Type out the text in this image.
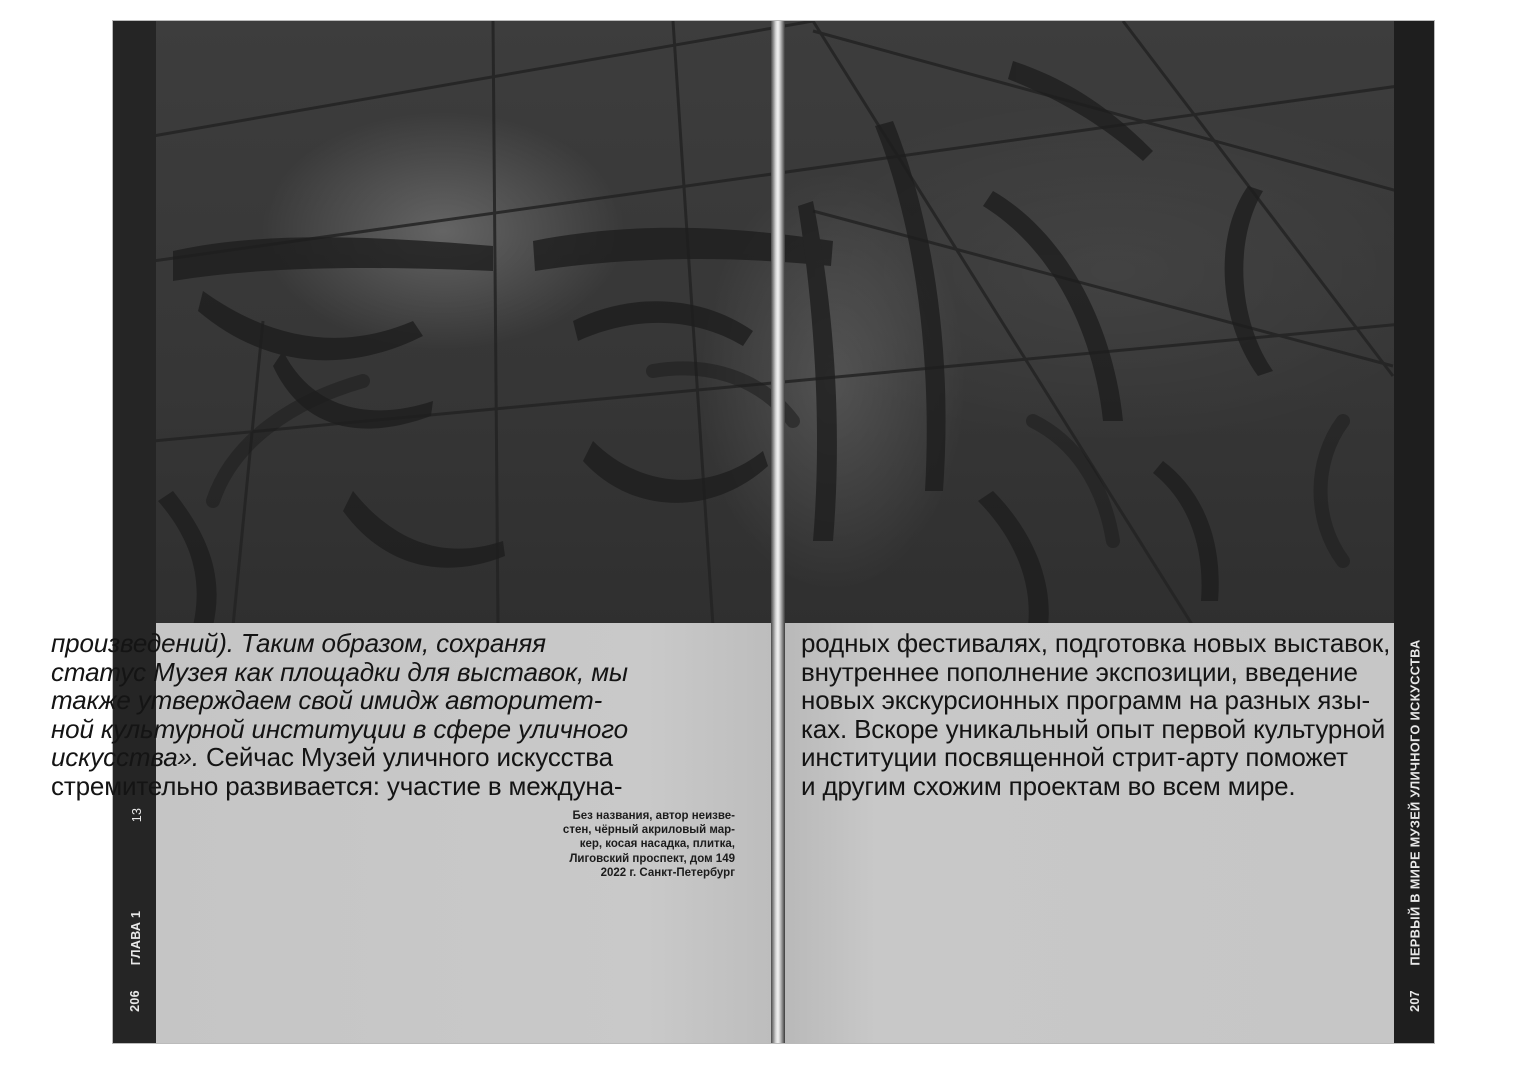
произведений). Таким образом, сохраняя
статус Музея как площадки для выставок, мы
также утверждаем свой имидж авторитет-
ной культурной институции в сфере уличного
искусства». Сейчас Музей уличного искусства
стремительно развивается: участие в междуна-
Без названия, автор неизве-
стен, чёрный акриловый мар-
кер, косая насадка, плитка,
Лиговский проспект, дом 149
2022 г. Санкт-Петербург
родных фестивалях, подготовка новых выставок,
внутреннее пополнение экспозиции, введение
новых экскурсионных программ на разных язы-
ках. Вскоре уникальный опыт первой культурной
институции посвященной стрит-арту поможет
и другим схожим проектам во всем мире.
206
ГЛАВА 1
13
207
ПЕРВЫЙ В МИРЕ МУЗЕЙ УЛИЧНОГО ИСКУССТВА
